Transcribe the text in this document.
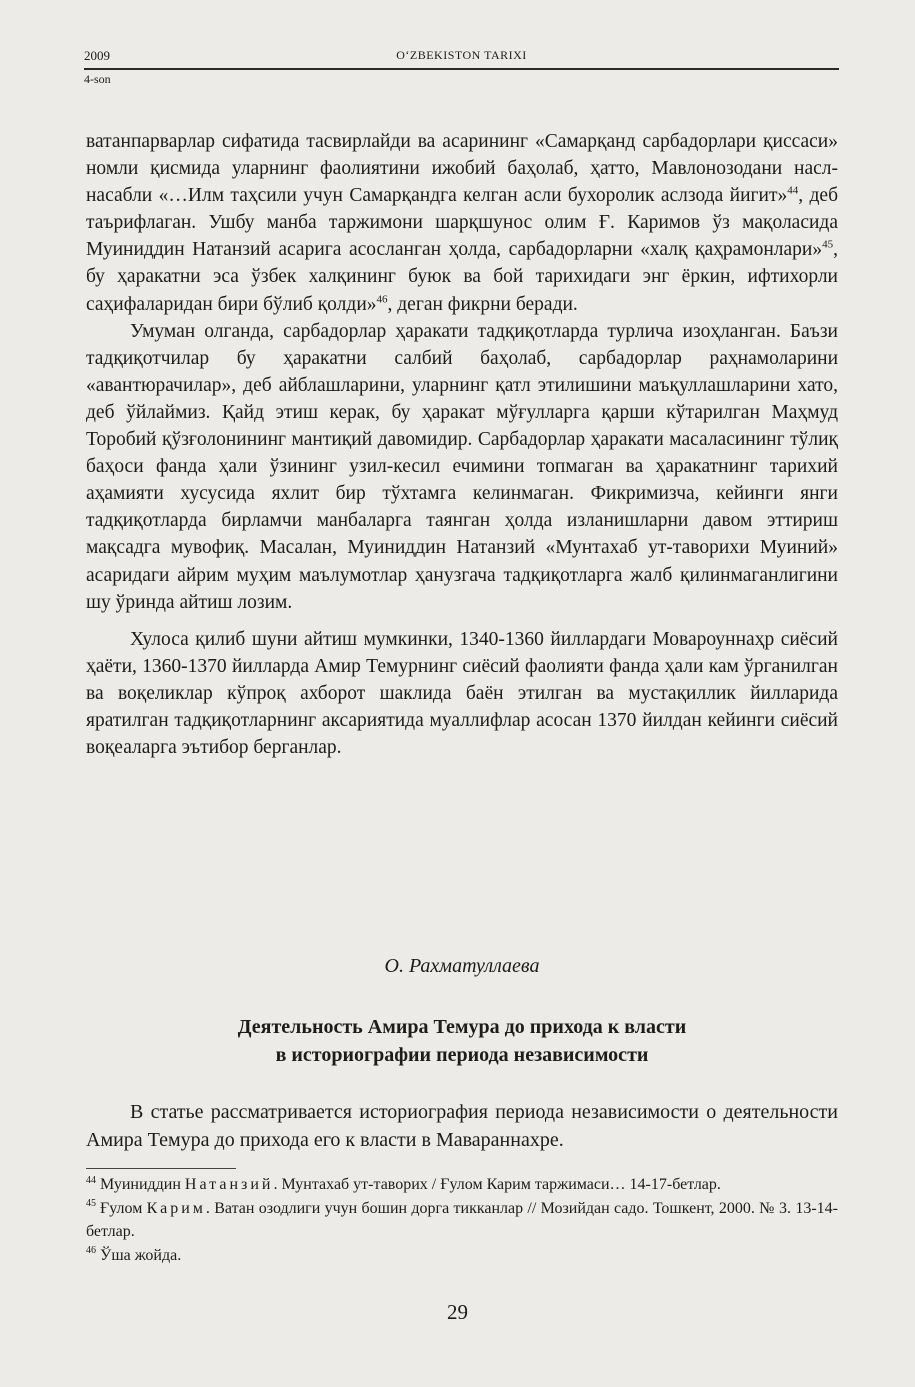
2009	O‘ZBEKISTON TARIXI
4-son

ватанпарварлар сифатида тасвирлайди ва асарининг «Самарқанд сарбадорлари қиссаси» номли қисмида уларнинг фаолиятини ижобий баҳолаб, ҳатто, Мавлонозодани насл-насабли «…Илм таҳсили учун Самарқандга келган асли бухоролик аслзода йигит»$^{44}$, деб таърифлаган. Ушбу манба таржимони шарқшунос олим Ғ. Каримов ўз мақоласида Муиниддин Натанзий асарига асосланган ҳолда, сарбадорларни «халқ қаҳрамонлари»$^{45}$, бу ҳаракатни эса ўзбек халқининг буюк ва бой тарихидаги энг ёркин, ифтихорли саҳифаларидан бири бўлиб қолди»$^{46}$, деган фикрни беради.

Умуман олганда, сарбадорлар ҳаракати тадқиқотларда турлича изоҳланган. Баъзи тадқиқотчилар бу ҳаракатни салбий баҳолаб, сарбадорлар раҳнамоларини «авантюрачилар», деб айблашларини, уларнинг қатл этилишини маъқуллашларини хато, деб ўйлаймиз. Қайд этиш керак, бу ҳаракат мўғулларга қарши кўтарилган Маҳмуд Торобий қўзғолонининг мантиқий давомидир. Сарбадорлар ҳаракати масаласининг тўлиқ баҳоси фанда ҳали ўзининг узил-кесил ечимини топмаган ва ҳаракатнинг тарихий аҳамияти хусусида яхлит бир тўхтамга келинмаган. Фикримизча, кейинги янги тадқиқотларда бирламчи манбаларга таянган ҳолда изланишларни давом эттириш мақсадга мувофиқ. Масалан, Муиниддин Натанзий «Мунтахаб ут-таворихи Муиний» асаридаги айрим муҳим маълумотлар ҳанузгача тадқиқотларга жалб қилинмаганлигини шу ўринда айтиш лозим.

Хулоса қилиб шуни айтиш мумкинки, 1340-1360 йиллардаги Мовароуннаҳр сиёсий ҳаёти, 1360-1370 йилларда Амир Темурнинг сиёсий фаолияти фанда ҳали кам ўрганилган ва воқеликлар кўпроқ ахборот шаклида баён этилган ва мустақиллик йилларида яратилган тадқиқотларнинг аксариятида муаллифлар асосан 1370 йилдан кейинги сиёсий воқеаларга эътибор берганлар.

О. Рахматуллаева
Деятельность Амира Темура до прихода к власти
в историографии периода независимости

В статье рассматривается историография периода независимости о деятельности Амира Темура до прихода его к власти в Мавараннахре.

$^{44}$ Муиниддин Натанзий. Мунтахаб ут-таворих / Ғулом Карим таржимаси… 14-17-бетлар.

$^{45}$ Ғулом Карим. Ватан озодлиги учун бошин дорга тикканлар // Мозийдан садо. Тошкент, 2000. № 3. 13-14-бетлар.

$^{46}$ Ўша жойда.

29
